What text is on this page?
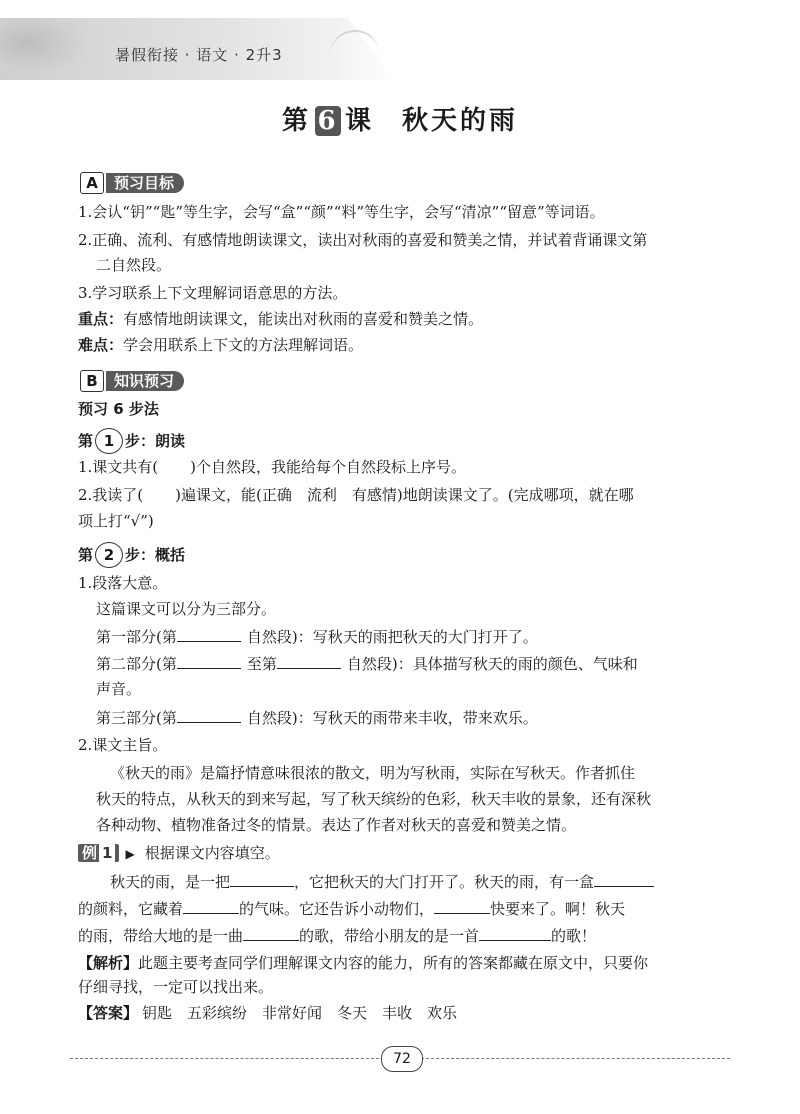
暑假衔接 · 语文 · 2升3
第 6 课 秋天的雨
A	预习目标
1.会认“钥”“匙”等生字，会写“盒”“颜”“料”等生字，会写“清凉”“留意”等词语。
2.正确、流利、有感情地朗读课文，读出对秋雨的喜爱和赞美之情，并试着背诵课文第
二自然段。
3.学习联系上下文理解词语意思的方法。
重点：有感情地朗读课文，能读出对秋雨的喜爱和赞美之情。
难点：学会用联系上下文的方法理解词语。
B	知识预习
预习 6 步法
第 1 步：朗读
1.课文共有( )个自然段，我能给每个自然段标上序号。
2.我读了( )遍课文，能(正确　流利　有感情)地朗读课文了。(完成哪项，就在哪
项上打“√”)
第 2 步：概括
1.段落大意。
这篇课文可以分为三部分。
第一部分(第	自然段)：写秋天的雨把秋天的大门打开了。
第二部分(第	至第	自然段)：具体描写秋天的雨的颜色、气味和
声音。
第三部分(第	自然段)：写秋天的雨带来丰收，带来欢乐。
2.课文主旨。
《秋天的雨》是篇抒情意味很浓的散文，明为写秋雨，实际在写秋天。作者抓住
秋天的特点，从秋天的到来写起，写了秋天缤纷的色彩，秋天丰收的景象，还有深秋
各种动物、植物准备过冬的情景。表达了作者对秋天的喜爱和赞美之情。
例 1 ▶ 根据课文内容填空。
秋天的雨，是一把	，它把秋天的大门打开了。秋天的雨，有一盒
的颜料，它藏着	的气味。它还告诉小动物们，	快要来了。啊！秋天
的雨，带给大地的是一曲	的歌，带给小朋友的是一首	的歌！
【解析】此题主要考查同学们理解课文内容的能力，所有的答案都藏在原文中，只要你
仔细寻找，一定可以找出来。
【答案】 钥匙　五彩缤纷　非常好闻　冬天　丰收　欢乐
72
